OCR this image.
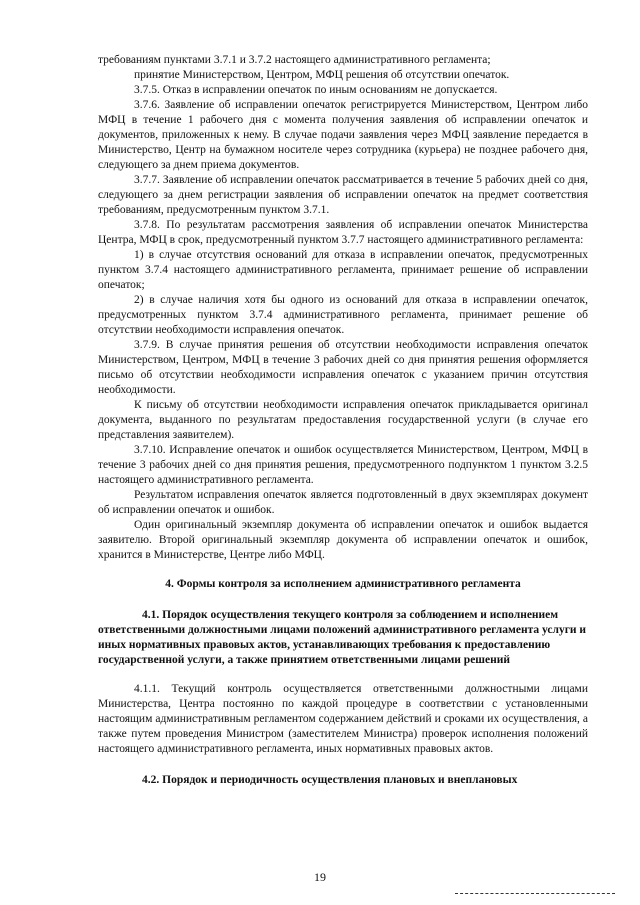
требованиям пунктами 3.7.1 и 3.7.2 настоящего административного регламента;

принятие Министерством, Центром, МФЦ решения об отсутствии опечаток.

3.7.5. Отказ в исправлении опечаток по иным основаниям не допускается.

3.7.6. Заявление об исправлении опечаток регистрируется Министерством, Центром либо МФЦ в течение 1 рабочего дня с момента получения заявления об исправлении опечаток и документов, приложенных к нему. В случае подачи заявления через МФЦ заявление передается в Министерство, Центр на бумажном носителе через сотрудника (курьера) не позднее рабочего дня, следующего за днем приема документов.

3.7.7. Заявление об исправлении опечаток рассматривается в течение 5 рабочих дней со дня, следующего за днем регистрации заявления об исправлении опечаток на предмет соответствия требованиям, предусмотренным пунктом 3.7.1.

3.7.8. По результатам рассмотрения заявления об исправлении опечаток Министерства Центра, МФЦ в срок, предусмотренный пунктом 3.7.7 настоящего административного регламента:

1) в случае отсутствия оснований для отказа в исправлении опечаток, предусмотренных пунктом 3.7.4 настоящего административного регламента, принимает решение об исправлении опечаток;

2) в случае наличия хотя бы одного из оснований для отказа в исправлении опечаток, предусмотренных пунктом 3.7.4 административного регламента, принимает решение об отсутствии необходимости исправления опечаток.

3.7.9. В случае принятия решения об отсутствии необходимости исправления опечаток Министерством, Центром, МФЦ в течение 3 рабочих дней со дня принятия решения оформляется письмо об отсутствии необходимости исправления опечаток с указанием причин отсутствия необходимости.

К письму об отсутствии необходимости исправления опечаток прикладывается оригинал документа, выданного по результатам предоставления государственной услуги (в случае его представления заявителем).

3.7.10. Исправление опечаток и ошибок осуществляется Министерством, Центром, МФЦ в течение 3 рабочих дней со дня принятия решения, предусмотренного подпунктом 1 пунктом 3.2.5 настоящего административного регламента.

Результатом исправления опечаток является подготовленный в двух экземплярах документ об исправлении опечаток и ошибок.

Один оригинальный экземпляр документа об исправлении опечаток и ошибок выдается заявителю. Второй оригинальный экземпляр документа об исправлении опечаток и ошибок, хранится в Министерстве, Центре либо МФЦ.

4. Формы контроля за исполнением административного регламента

4.1. Порядок осуществления текущего контроля за соблюдением и исполнением ответственными должностными лицами положений административного регламента услуги и иных нормативных правовых актов, устанавливающих требования к предоставлению государственной услуги, а также принятием ответственными лицами решений

4.1.1. Текущий контроль осуществляется ответственными должностными лицами Министерства, Центра постоянно по каждой процедуре в соответствии с установленными настоящим административным регламентом содержанием действий и сроками их осуществления, а также путем проведения Министром (заместителем Министра) проверок исполнения положений настоящего административного регламента, иных нормативных правовых актов.

4.2. Порядок и периодичность осуществления плановых и внеплановых

19
